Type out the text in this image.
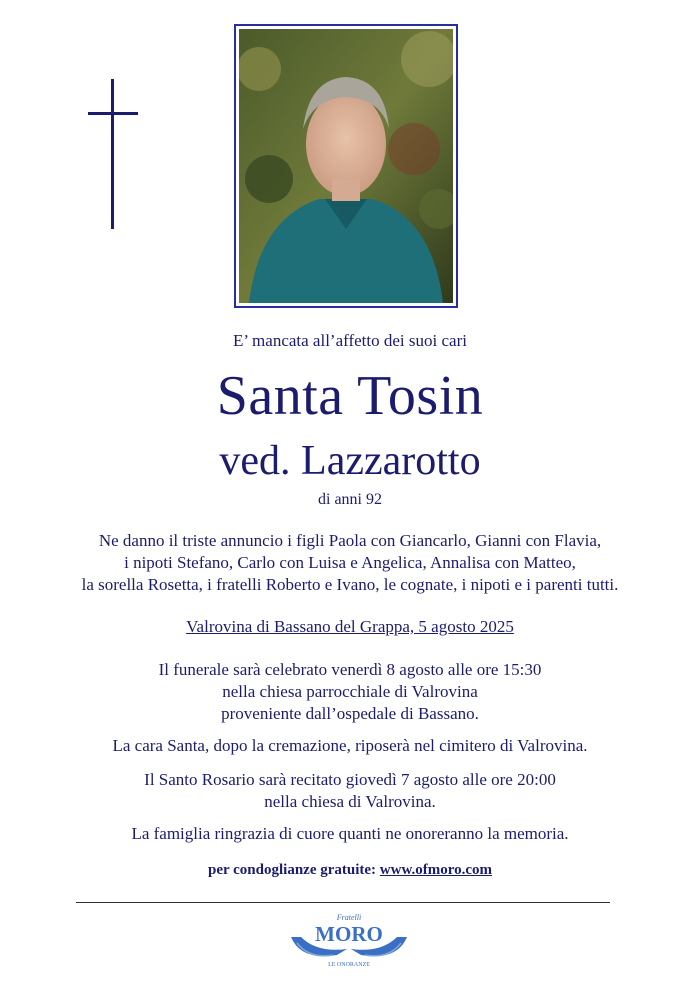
E’ mancata all’affetto dei suoi cari
Santa Tosin
ved. Lazzarotto
di anni 92
Ne danno il triste annuncio i figli Paola con Giancarlo, Gianni con Flavia,
i nipoti Stefano, Carlo con Luisa e Angelica, Annalisa con Matteo,
la sorella Rosetta, i fratelli Roberto e Ivano, le cognate, i nipoti e i parenti tutti.
Valrovina di Bassano del Grappa, 5 agosto 2025
Il funerale sarà celebrato venerdì 8 agosto alle ore 15:30
nella chiesa parrocchiale di Valrovina
proveniente dall’ospedale di Bassano.
La cara Santa, dopo la cremazione, riposerà nel cimitero di Valrovina.
Il Santo Rosario sarà recitato giovedì 7 agosto alle ore 20:00
nella chiesa di Valrovina.
La famiglia ringrazia di cuore quanti ne onoreranno la memoria.
per condoglianze gratuite: www.ofmoro.com
Fratelli
MORO
LE ONORANZE
